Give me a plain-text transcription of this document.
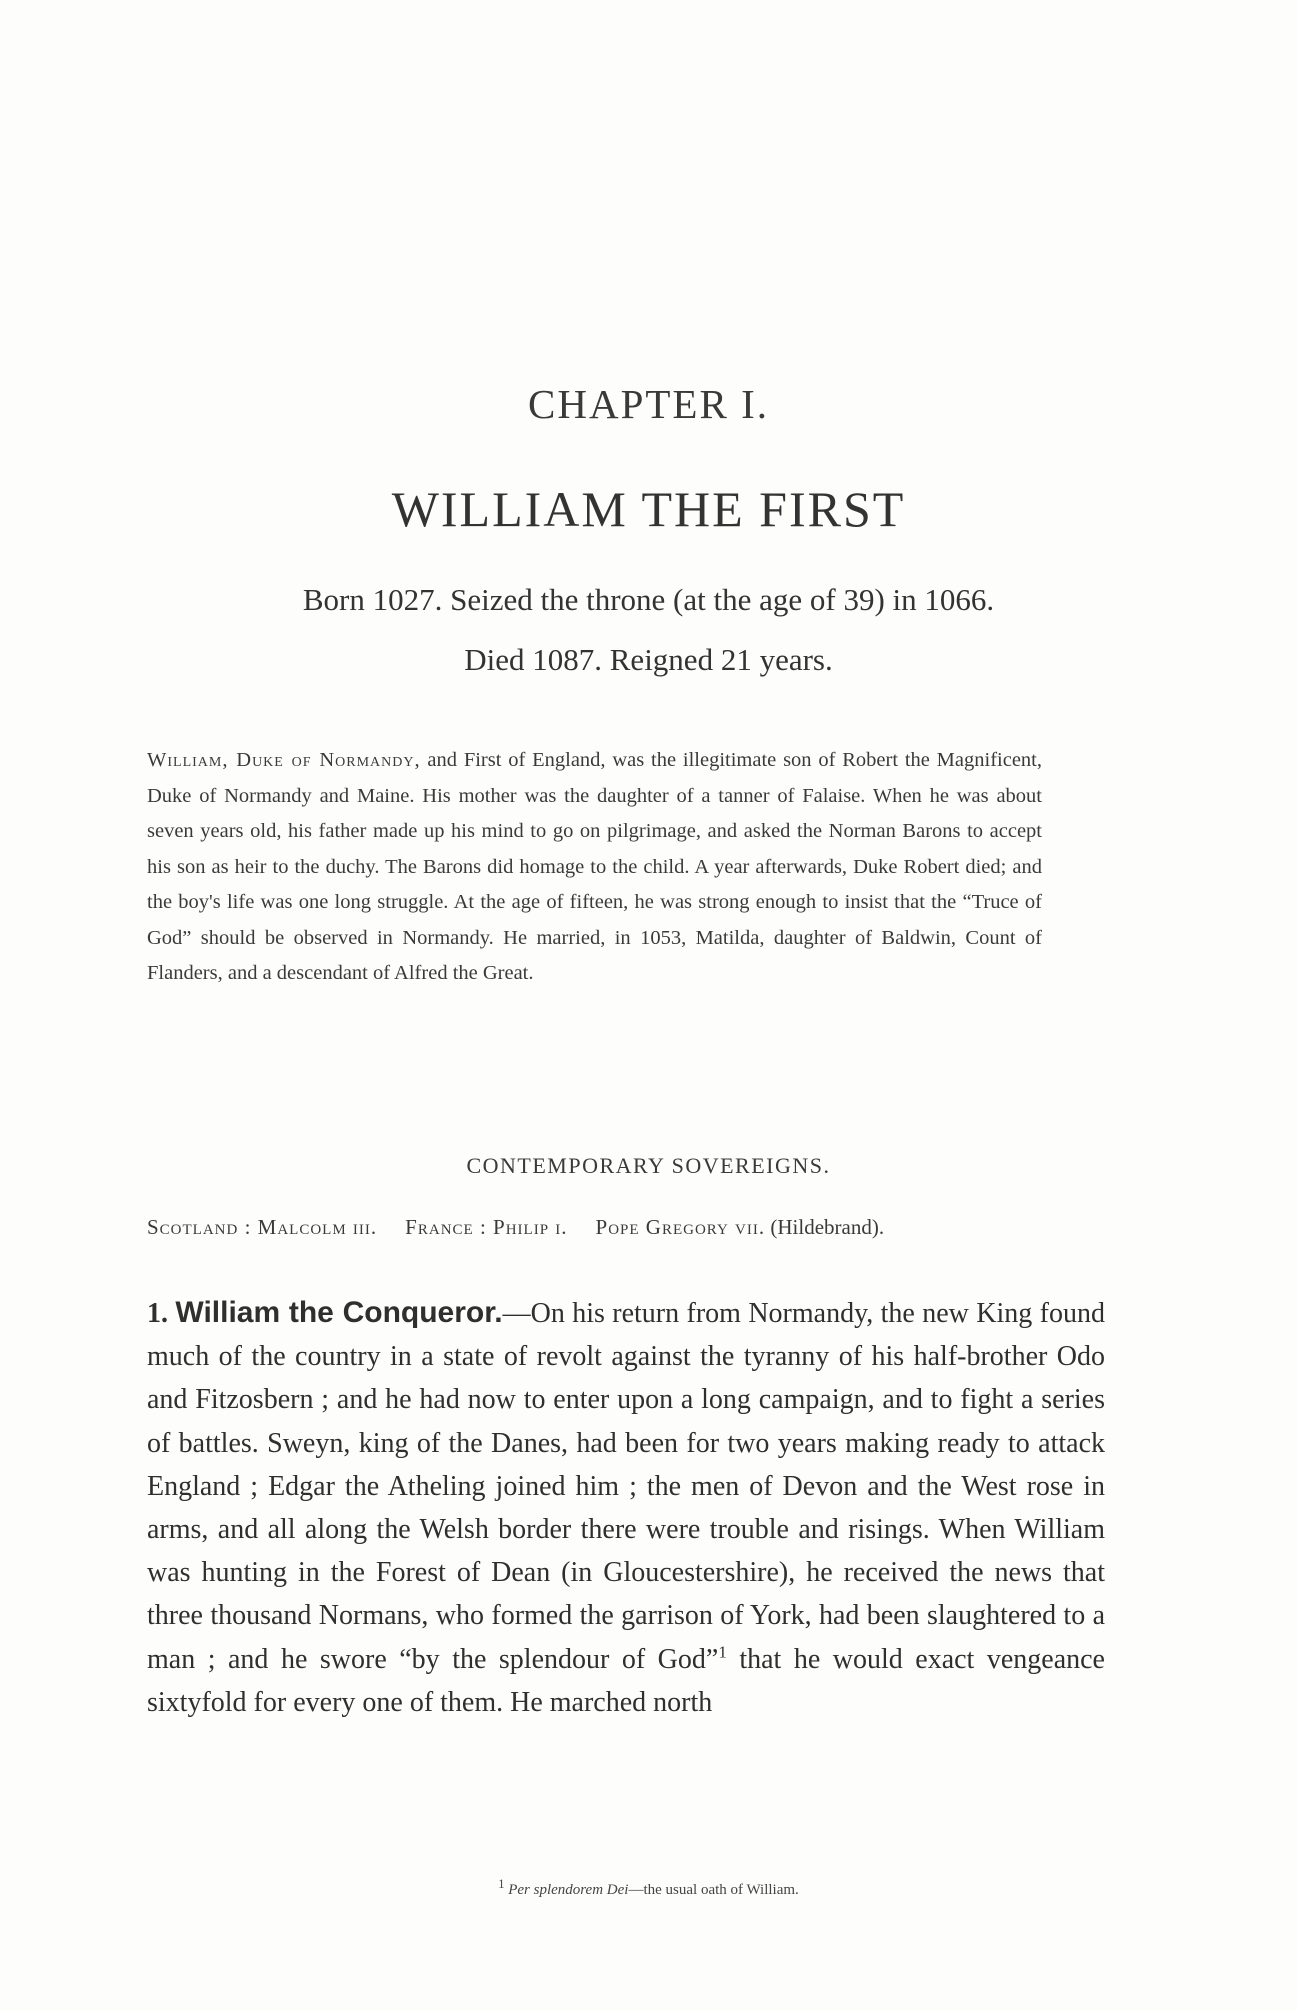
CHAPTER I.
WILLIAM THE FIRST
Born 1027. Seized the throne (at the age of 39) in 1066.
Died 1087. Reigned 21 years.
William, Duke of Normandy, and First of England, was the illegitimate son of Robert the Magnificent, Duke of Normandy and Maine. His mother was the daughter of a tanner of Falaise. When he was about seven years old, his father made up his mind to go on pilgrimage, and asked the Norman Barons to accept his son as heir to the duchy. The Barons did homage to the child. A year afterwards, Duke Robert died; and the boy's life was one long struggle. At the age of fifteen, he was strong enough to insist that the “Truce of God” should be observed in Normandy. He married, in 1053, Matilda, daughter of Baldwin, Count of Flanders, and a descendant of Alfred the Great.
CONTEMPORARY SOVEREIGNS.
Scotland : Malcolm iii. France : Philip i. Pope Gregory vii. (Hildebrand).
1. William the Conqueror.—On his return from Normandy, the new King found much of the country in a state of revolt against the tyranny of his half-brother Odo and Fitzosbern ; and he had now to enter upon a long campaign, and to fight a series of battles. Sweyn, king of the Danes, had been for two years making ready to attack England ; Edgar the Atheling joined him ; the men of Devon and the West rose in arms, and all along the Welsh border there were trouble and risings. When William was hunting in the Forest of Dean (in Gloucestershire), he received the news that three thousand Normans, who formed the garrison of York, had been slaughtered to a man ; and he swore “by the splendour of God”$^1$ that he would exact vengeance sixtyfold for every one of them. He marched north
$^1$ Per splendorem Dei—the usual oath of William.
